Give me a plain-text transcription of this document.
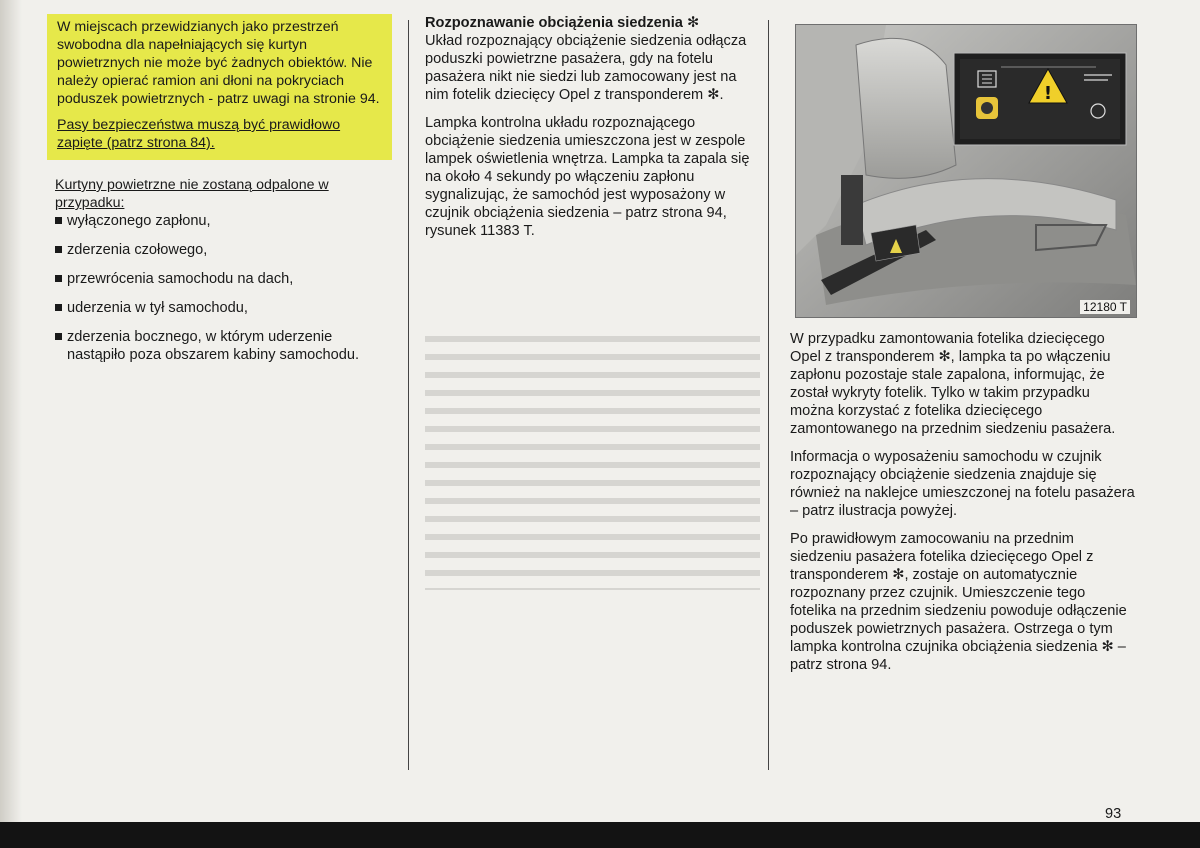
W miejscach przewidzianych jako przestrzeń swobodna dla napełniających się kurtyn powietrznych nie może być żadnych obiektów. Nie należy opierać ramion ani dłoni na pokryciach poduszek powietrznych - patrz uwagi na stronie 94.

Pasy bezpieczeństwa muszą być prawidłowo zapięte (patrz strona 84).

Kurtyny powietrzne nie zostaną odpalone w przypadku:
wyłączonego zapłonu,
zderzenia czołowego,
przewrócenia samochodu na dach,
uderzenia w tył samochodu,
zderzenia bocznego, w którym uderzenie nastąpiło poza obszarem kabiny samochodu.
Rozpoznawanie obciążenia siedzenia ✻

Układ rozpoznający obciążenie siedzenia odłącza poduszki powietrzne pasażera, gdy na fotelu pasażera nikt nie siedzi lub zamocowany jest na nim fotelik dziecięcy Opel z transponderem ✻.

Lampka kontrolna układu rozpoznającego obciążenie siedzenia umieszczona jest w zespole lampek oświetlenia wnętrza. Lampka ta zapala się na około 4 sekundy po włączeniu zapłonu sygnalizując, że samochód jest wyposażony w czujnik obciążenia siedzenia – patrz strona 94, rysunek 11383 T.

!
12180 T

W przypadku zamontowania fotelika dziecięcego Opel z transponderem ✻, lampka ta po włączeniu zapłonu pozostaje stale zapalona, informując, że został wykryty fotelik. Tylko w takim przypadku można korzystać z fotelika dziecięcego zamontowanego na przednim siedzeniu pasażera.

Informacja o wyposażeniu samochodu w czujnik rozpoznający obciążenie siedzenia znajduje się również na naklejce umieszczonej na fotelu pasażera – patrz ilustracja powyżej.

Po prawidłowym zamocowaniu na przednim siedzeniu pasażera fotelika dziecięcego Opel z transponderem ✻, zostaje on automatycznie rozpoznany przez czujnik. Umieszczenie tego fotelika na przednim siedzeniu powoduje odłączenie poduszek powietrznych pasażera. Ostrzega o tym lampka kontrolna czujnika obciążenia siedzenia ✻ – patrz strona 94.

93
